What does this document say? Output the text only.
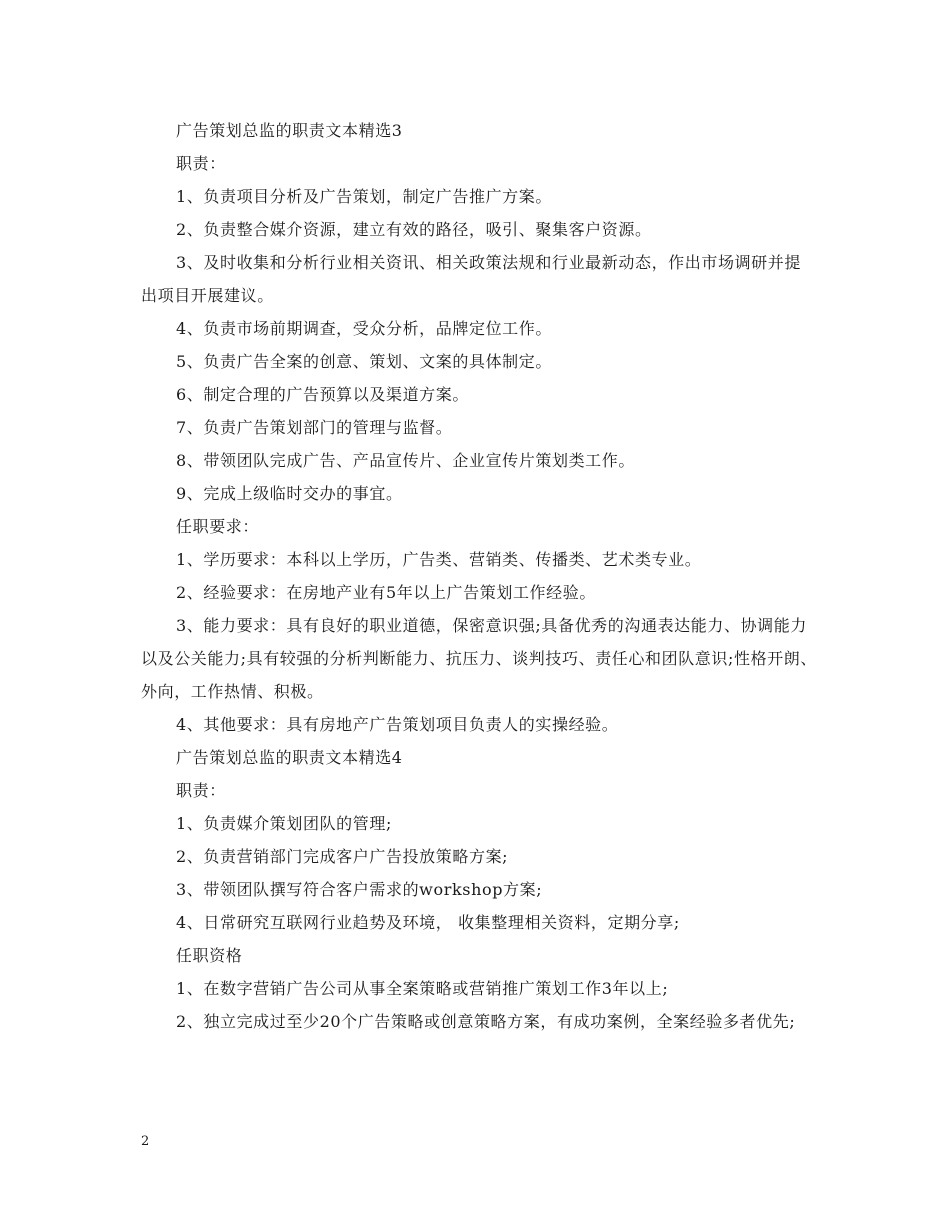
广告策划总监的职责文本精选3

职责：

1、负责项目分析及广告策划，制定广告推广方案。

2、负责整合媒介资源，建立有效的路径，吸引、聚集客户资源。

3、及时收集和分析行业相关资讯、相关政策法规和行业最新动态，作出市场调研并提出项目开展建议。

4、负责市场前期调查，受众分析，品牌定位工作。

5、负责广告全案的创意、策划、文案的具体制定。

6、制定合理的广告预算以及渠道方案。

7、负责广告策划部门的管理与监督。

8、带领团队完成广告、产品宣传片、企业宣传片策划类工作。

9、完成上级临时交办的事宜。

任职要求：

1、学历要求：本科以上学历，广告类、营销类、传播类、艺术类专业。

2、经验要求：在房地产业有5年以上广告策划工作经验。

3、能力要求：具有良好的职业道德，保密意识强;具备优秀的沟通表达能力、协调能力以及公关能力;具有较强的分析判断能力、抗压力、谈判技巧、责任心和团队意识;性格开朗、外向，工作热情、积极。

4、其他要求：具有房地产广告策划项目负责人的实操经验。

广告策划总监的职责文本精选4

职责：

1、负责媒介策划团队的管理;

2、负责营销部门完成客户广告投放策略方案;

3、带领团队撰写符合客户需求的workshop方案;

4、日常研究互联网行业趋势及环境， 收集整理相关资料，定期分享;

任职资格

1、在数字营销广告公司从事全案策略或营销推广策划工作3年以上;

2、独立完成过至少20个广告策略或创意策略方案，有成功案例，全案经验多者优先;

2
